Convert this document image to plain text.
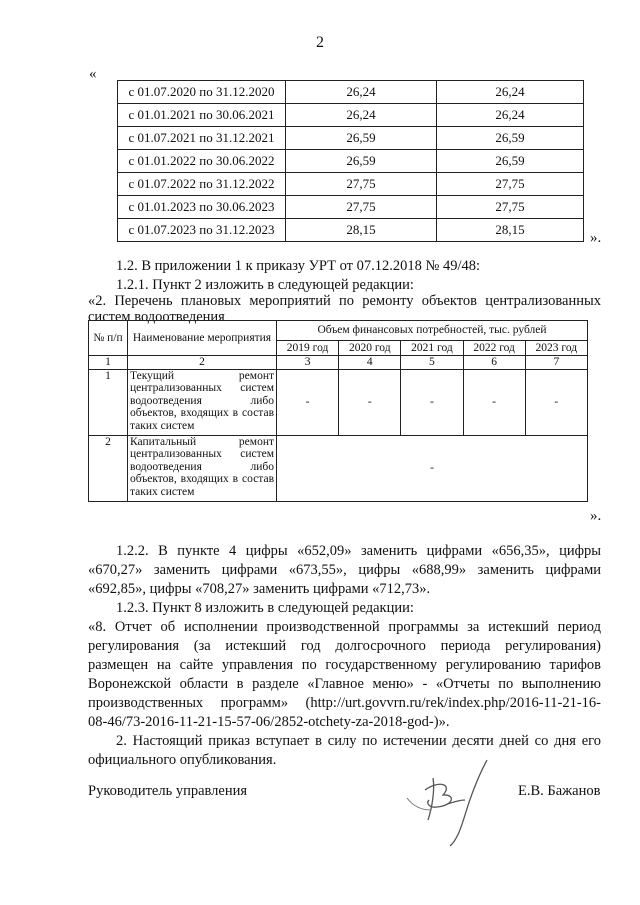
2
«
с 01.07.2020 по 31.12.2020	26,24	26,24
с 01.01.2021 по 30.06.2021	26,24	26,24
с 01.07.2021 по 31.12.2021	26,59	26,59
с 01.01.2022 по 30.06.2022	26,59	26,59
с 01.07.2022 по 31.12.2022	27,75	27,75
с 01.01.2023 по 30.06.2023	27,75	27,75
с 01.07.2023 по 31.12.2023	28,15	28,15
».
1.2. В приложении 1 к приказу УРТ от 07.12.2018 № 49/48:
1.2.1. Пункт 2 изложить в следующей редакции:
«2. Перечень плановых мероприятий по ремонту объектов централизованных систем водоотведения
№ п/п	Наименование мероприятия	Объем финансовых потребностей, тыс. рублей				
		2019 год	2020 год	2021 год	2022 год	2023 год
1	2	3	4	5	6	7
1	Текущий ремонт централизованных систем водоотведения либо объектов, входящих в состав таких систем	-	-	-	-	-
2	Капитальный ремонт централизованных систем водоотведения либо объектов, входящих в состав таких систем	-				
».
1.2.2. В пункте 4 цифры «652,09» заменить цифрами «656,35», цифры
«670,27» заменить цифрами «673,55», цифры «688,99» заменить цифрами
«692,85», цифры «708,27» заменить цифрами «712,73».
1.2.3. Пункт 8 изложить в следующей редакции:
«8. Отчет об исполнении производственной программы за истекший период
регулирования (за истекший год долгосрочного периода регулирования)
размещен на сайте управления по государственному регулированию тарифов
Воронежской области в разделе «Главное меню» - «Отчеты по выполнению
производственных программ» (http://urt.govvrn.ru/rek/index.php/2016-11-21-16-
08-46/73-2016-11-21-15-57-06/2852-otchety-za-2018-god-)».
2. Настоящий приказ вступает в силу по истечении десяти дней со дня его
официального опубликования.
Руководитель управления	Е.В. Бажанов
